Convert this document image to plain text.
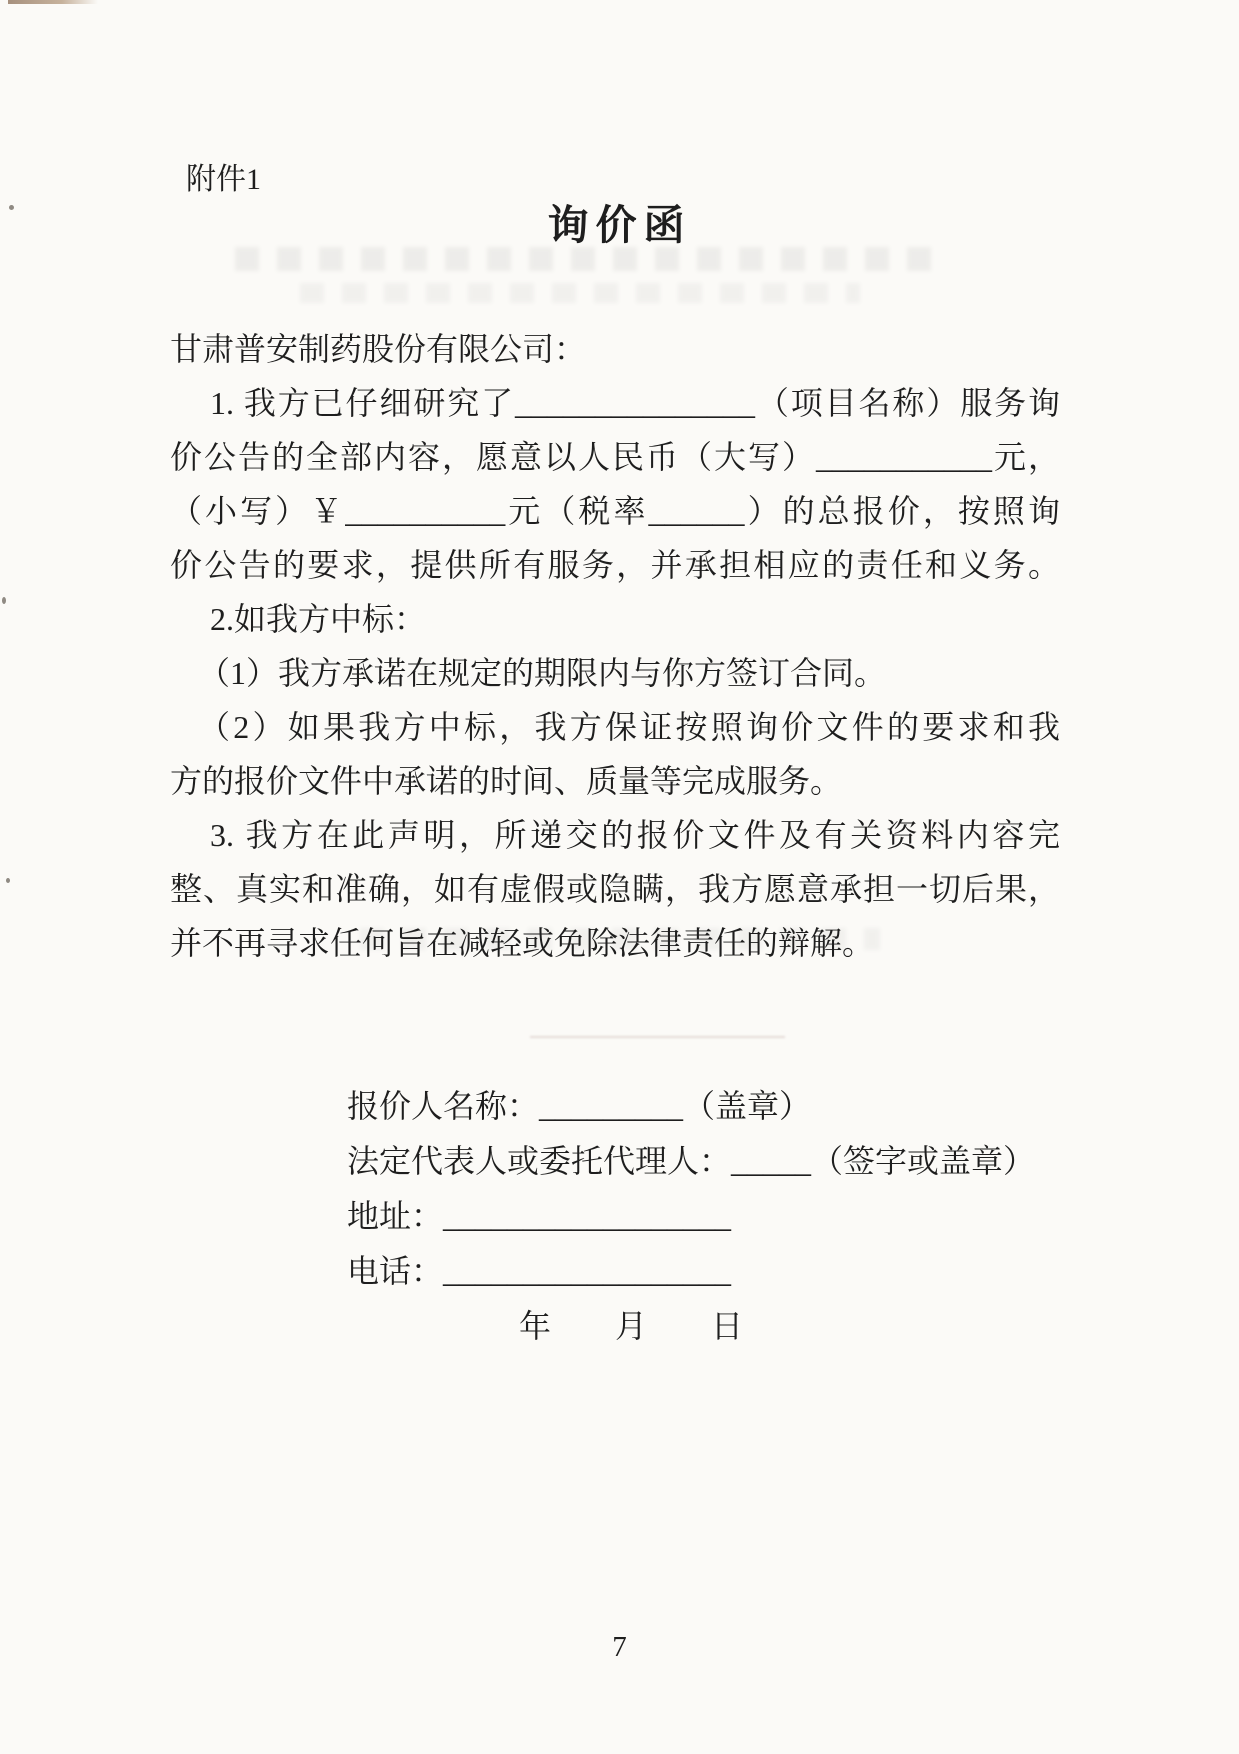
附件1
询价函
甘肃普安制药股份有限公司：
1. 我方已仔细研究了_______________（项目名称）服务询
价公告的全部内容，愿意以人民币（大写）___________元，
（小写）￥__________元（税率______）的总报价，按照询
价公告的要求，提供所有服务，并承担相应的责任和义务。
2.如我方中标：
（1）我方承诺在规定的期限内与你方签订合同。
（2）如果我方中标，我方保证按照询价文件的要求和我
方的报价文件中承诺的时间、质量等完成服务。
3. 我方在此声明，所递交的报价文件及有关资料内容完
整、真实和准确，如有虚假或隐瞒，我方愿意承担一切后果，
并不再寻求任何旨在减轻或免除法律责任的辩解。
报价人名称：_________（盖章）
法定代表人或委托代理人：_____（签字或盖章）
地址：__________________
电话：__________________
年　　月　　日
7
